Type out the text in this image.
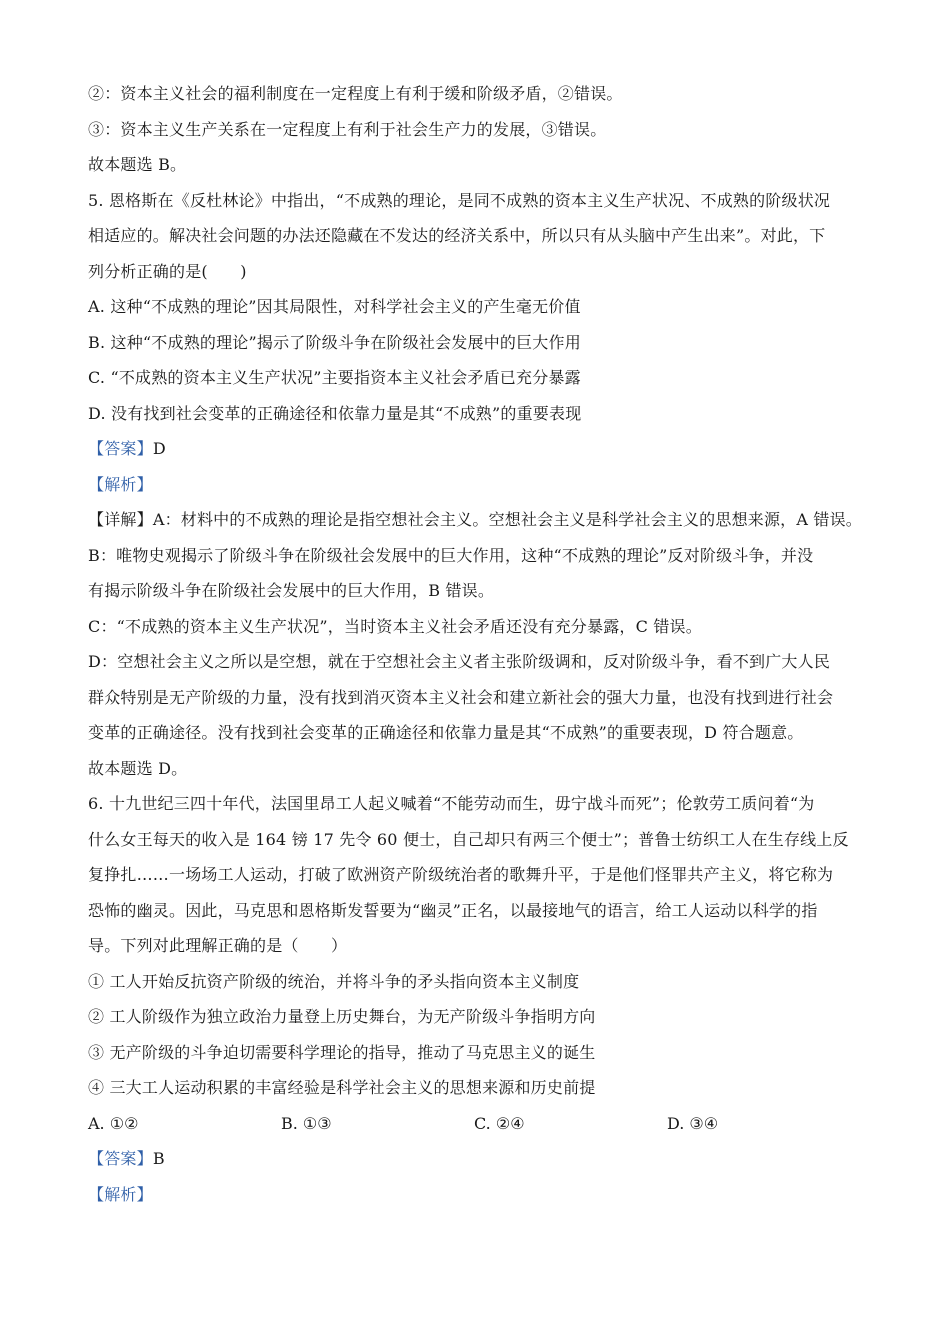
②：资本主义社会的福利制度在一定程度上有利于缓和阶级矛盾，②错误。
③：资本主义生产关系在一定程度上有利于社会生产力的发展，③错误。
故本题选 B。
5. 恩格斯在《反杜林论》中指出，“不成熟的理论，是同不成熟的资本主义生产状况、不成熟的阶级状况
相适应的。解决社会问题的办法还隐藏在不发达的经济关系中，所以只有从头脑中产生出来”。对此，下
列分析正确的是(　　)
A. 这种“不成熟的理论”因其局限性，对科学社会主义的产生毫无价值
B. 这种“不成熟的理论”揭示了阶级斗争在阶级社会发展中的巨大作用
C. “不成熟的资本主义生产状况”主要指资本主义社会矛盾已充分暴露
D. 没有找到社会变革的正确途径和依靠力量是其“不成熟”的重要表现
【答案】D
【解析】
【详解】A：材料中的不成熟的理论是指空想社会主义。空想社会主义是科学社会主义的思想来源，A 错误。
B：唯物史观揭示了阶级斗争在阶级社会发展中的巨大作用，这种“不成熟的理论”反对阶级斗争，并没
有揭示阶级斗争在阶级社会发展中的巨大作用，B 错误。
C：“不成熟的资本主义生产状况”，当时资本主义社会矛盾还没有充分暴露，C 错误。
D：空想社会主义之所以是空想，就在于空想社会主义者主张阶级调和，反对阶级斗争，看不到广大人民
群众特别是无产阶级的力量，没有找到消灭资本主义社会和建立新社会的强大力量，也没有找到进行社会
变革的正确途径。没有找到社会变革的正确途径和依靠力量是其“不成熟”的重要表现，D 符合题意。
故本题选 D。
6. 十九世纪三四十年代，法国里昂工人起义喊着“不能劳动而生，毋宁战斗而死”；伦敦劳工质问着“为
什么女王每天的收入是 164 镑 17 先令 60 便士，自己却只有两三个便士”；普鲁士纺织工人在生存线上反
复挣扎……一场场工人运动，打破了欧洲资产阶级统治者的歌舞升平，于是他们怪罪共产主义，将它称为
恐怖的幽灵。因此，马克思和恩格斯发誓要为“幽灵”正名，以最接地气的语言，给工人运动以科学的指
导。下列对此理解正确的是（　　）
① 工人开始反抗资产阶级的统治，并将斗争的矛头指向资本主义制度
② 工人阶级作为独立政治力量登上历史舞台，为无产阶级斗争指明方向
③ 无产阶级的斗争迫切需要科学理论的指导，推动了马克思主义的诞生
④ 三大工人运动积累的丰富经验是科学社会主义的思想来源和历史前提
A. ①②	B. ①③	C. ②④	D. ③④
【答案】B
【解析】
